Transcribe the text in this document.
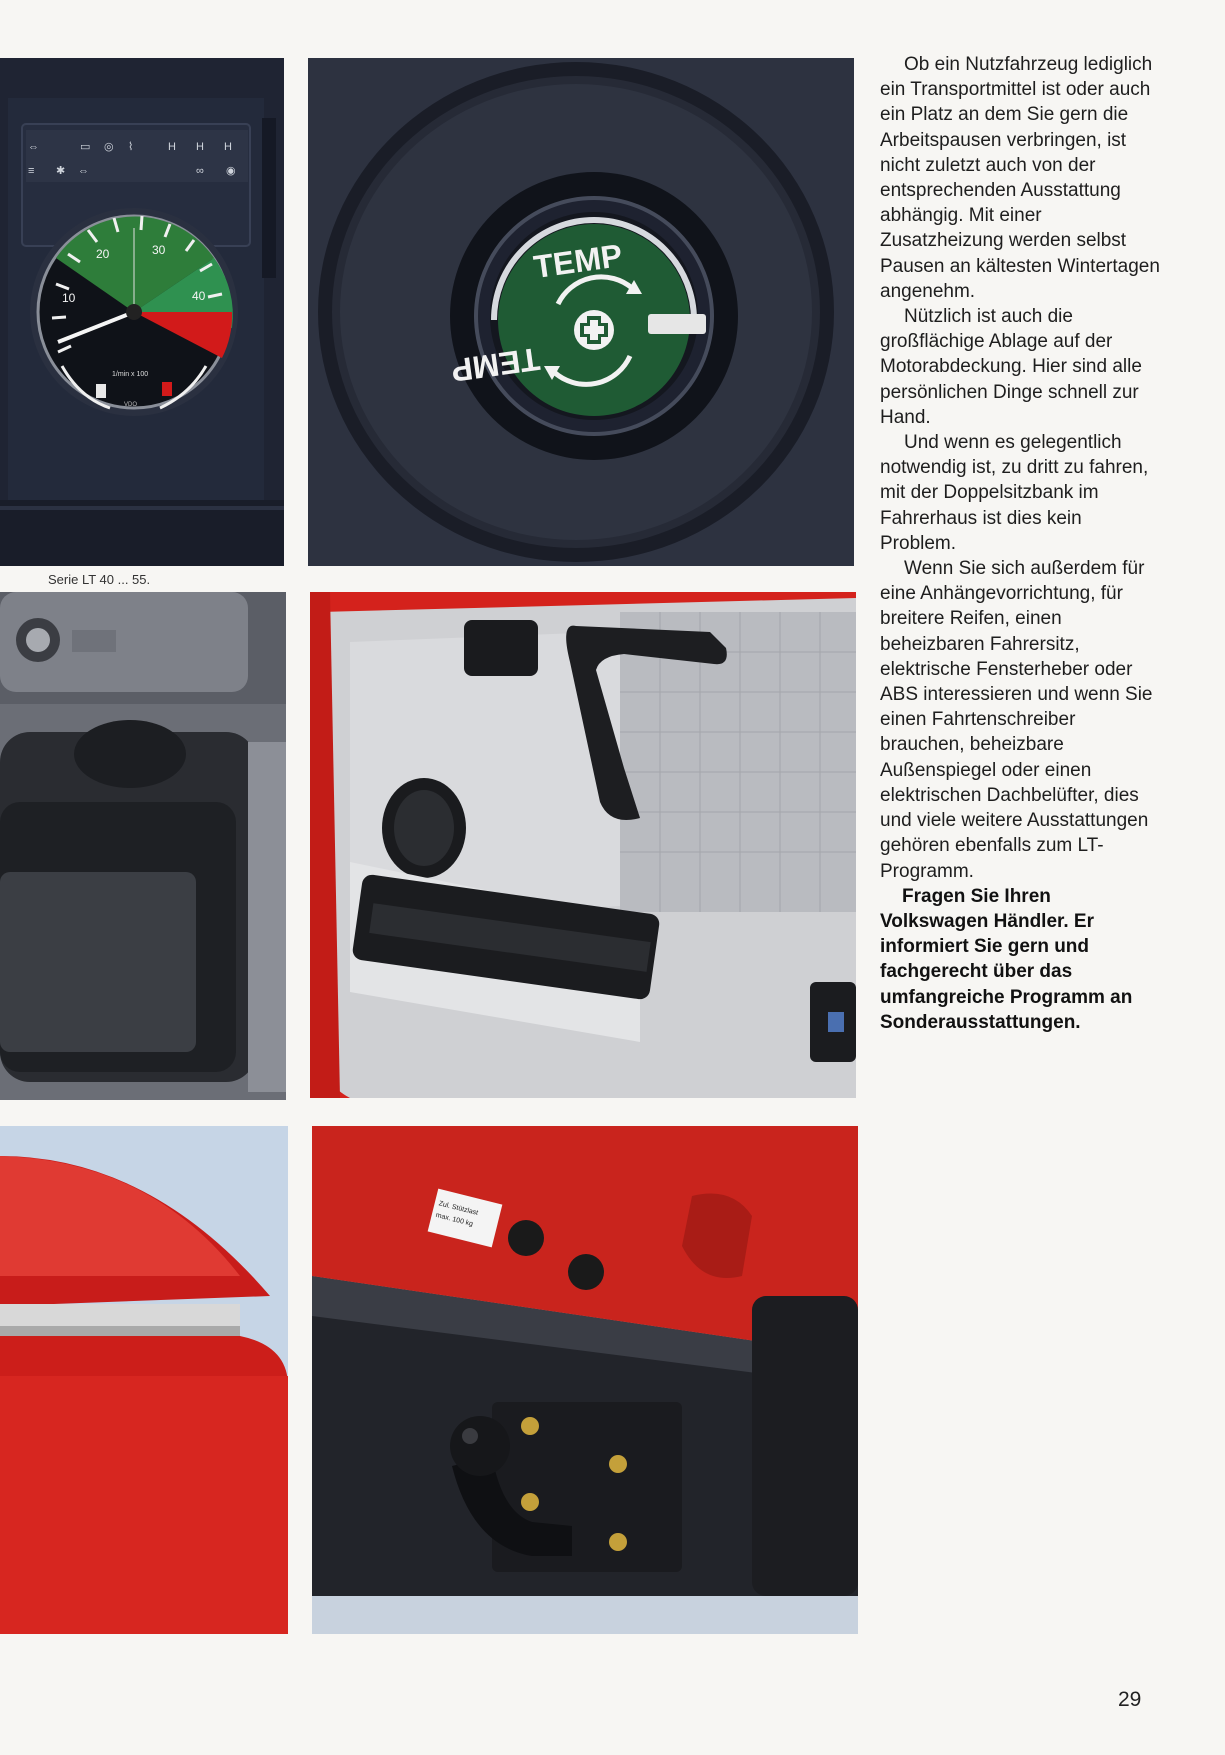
⇔	▭ ◎ ⌇	H H H
≡ ✱ ⇔	∞ ◉
20	30
10	40
1/min x 100
VDO
TEMP
TEMP
Serie LT 40 ... 55.
Zul. Stützlast
max. 100 kg

Ob ein Nutzfahrzeug lediglich ein Transportmittel ist oder auch ein Platz an dem Sie gern die Arbeitspausen verbringen, ist nicht zuletzt auch von der entsprechenden Ausstattung abhängig. Mit einer Zusatzheizung werden selbst Pausen an kältesten Wintertagen angenehm.

Nützlich ist auch die großflächige Ablage auf der Motorabdeckung. Hier sind alle persönlichen Dinge schnell zur Hand.

Und wenn es gelegentlich notwendig ist, zu dritt zu fahren, mit der Doppelsitzbank im Fahrerhaus ist dies kein Problem.

Wenn Sie sich außerdem für eine Anhängevorrichtung, für breitere Reifen, einen beheizbaren Fahrersitz, elektrische Fensterheber oder ABS interessieren und wenn Sie einen Fahrtenschreiber brauchen, beheizbare Außenspiegel oder einen elektrischen Dachbelüfter, dies und viele weitere Ausstattungen gehören ebenfalls zum LT-Programm.

Fragen Sie Ihren Volkswagen Händler. Er informiert Sie gern und fachgerecht über das umfangreiche Programm an Sonderausstattungen.

29
